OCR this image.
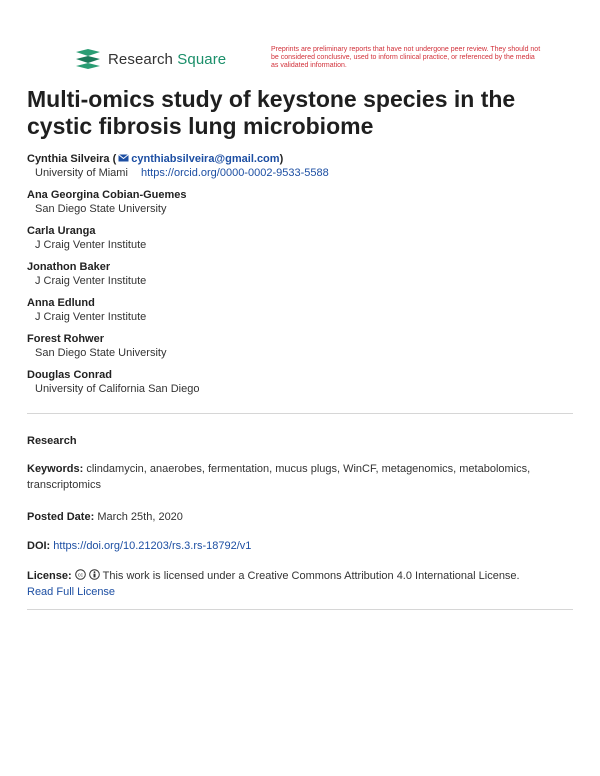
Research Square
Preprints are preliminary reports that have not undergone peer review. They should not be considered conclusive, used to inform clinical practice, or referenced by the media as validated information.
Multi-omics study of keystone species in the cystic fibrosis lung microbiome
Cynthia Silveira ( cynthiabsilveira@gmail.com)
University of Miami https://orcid.org/0000-0002-9533-5588
Ana Georgina Cobian-Guemes
San Diego State University
Carla Uranga
J Craig Venter Institute
Jonathon Baker
J Craig Venter Institute
Anna Edlund
J Craig Venter Institute
Forest Rohwer
San Diego State University
Douglas Conrad
University of California San Diego
Research
Keywords: clindamycin, anaerobes, fermentation, mucus plugs, WinCF, metagenomics, metabolomics, transcriptomics
Posted Date: March 25th, 2020
DOI: https://doi.org/10.21203/rs.3.rs-18792/v1
License: cc This work is licensed under a Creative Commons Attribution 4.0 International License.
Read Full License
